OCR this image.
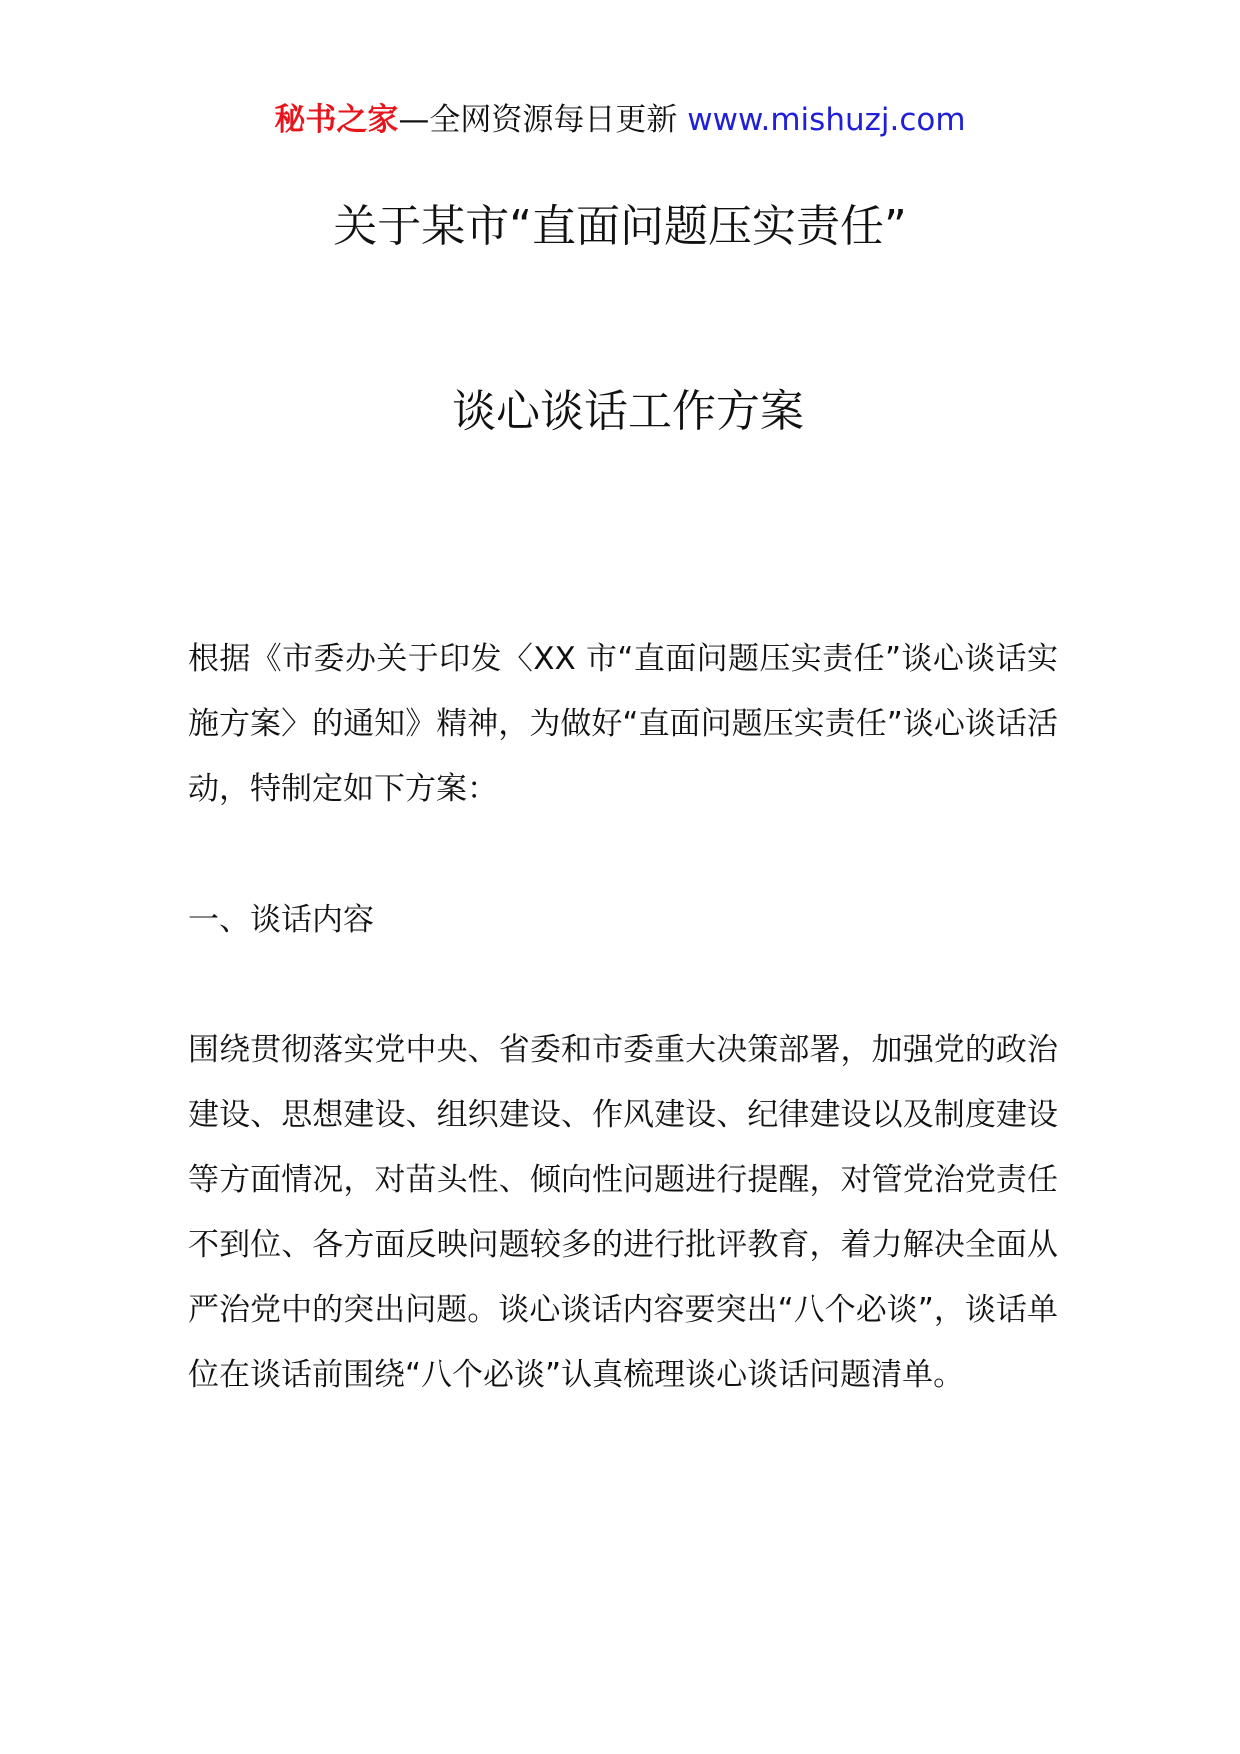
秘书之家—全网资源每日更新 www.mishuzj.com
关于某市“直面问题压实责任”
谈心谈话工作方案

根据《市委办关于印发〈XX 市“直面问题压实责任”谈心谈话实施方案〉的通知》精神，为做好“直面问题压实责任”谈心谈话活动，特制定如下方案：

一、谈话内容

围绕贯彻落实党中央、省委和市委重大决策部署，加强党的政治建设、思想建设、组织建设、作风建设、纪律建设以及制度建设等方面情况，对苗头性、倾向性问题进行提醒，对管党治党责任不到位、各方面反映问题较多的进行批评教育，着力解决全面从严治党中的突出问题。谈心谈话内容要突出“八个必谈”，谈话单位在谈话前围绕“八个必谈”认真梳理谈心谈话问题清单。
